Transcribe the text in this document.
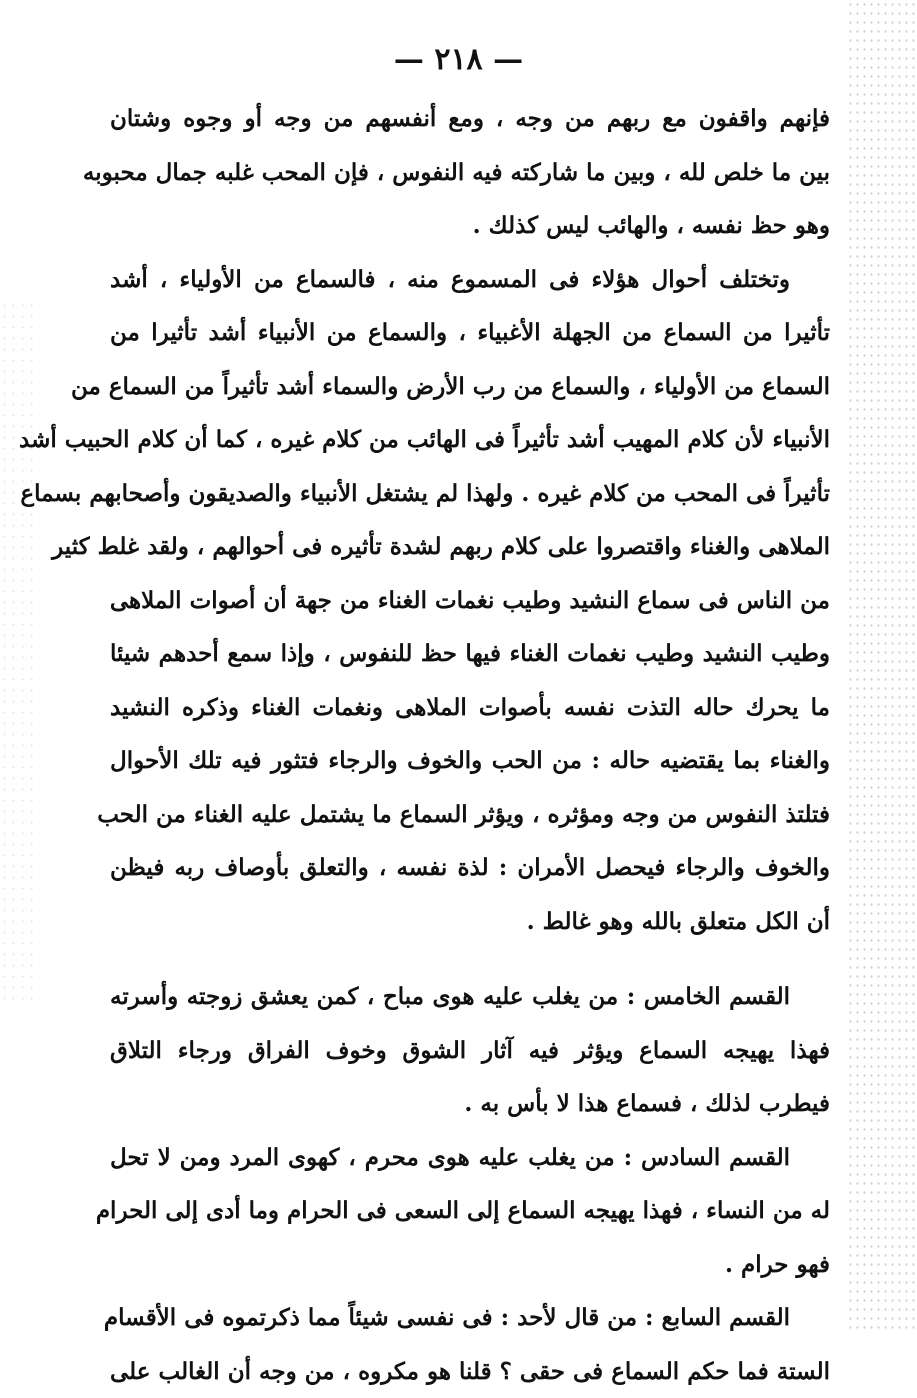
— ٢١٨ —
فإنهم واقفون مع ربهم من وجه ، ومع أنفسهم من وجه أو وجوه وشتان
بين ما خلص لله ، وبين ما شاركته فيه النفوس ، فإن المحب غلبه جمال محبوبه
وهو حظ نفسه ، والهائب ليس كذلك .
وتختلف أحوال هؤلاء فى المسموع منه ، فالسماع من الأولياء ، أشد
تأثيرا من السماع من الجهلة الأغبياء ، والسماع من الأنبياء أشد تأثيرا من
السماع من الأولياء ، والسماع من رب الأرض والسماء أشد تأثيراً من السماع من
الأنبياء لأن كلام المهيب أشد تأثيراً فى الهائب من كلام غيره ، كما أن كلام الحبيب أشد
تأثيراً فى المحب من كلام غيره . ولهذا لم يشتغل الأنبياء والصديقون وأصحابهم بسماع
الملاهى والغناء واقتصروا على كلام ربهم لشدة تأثيره فى أحوالهم ، ولقد غلط كثير
من الناس فى سماع النشيد وطيب نغمات الغناء من جهة أن أصوات الملاهى
وطيب النشيد وطيب نغمات الغناء فيها حظ للنفوس ، وإذا سمع أحدهم شيئا
ما يحرك حاله التذت نفسه بأصوات الملاهى ونغمات الغناء وذكره النشيد
والغناء بما يقتضيه حاله : من الحب والخوف والرجاء فتثور فيه تلك الأحوال
فتلتذ النفوس من وجه ومؤثره ، ويؤثر السماع ما يشتمل عليه الغناء من الحب
والخوف والرجاء فيحصل الأمران : لذة نفسه ، والتعلق بأوصاف ربه فيظن
أن الكل متعلق بالله وهو غالط .
القسم الخامس : من يغلب عليه هوى مباح ، كمن يعشق زوجته وأسرته
فهذا يهيجه السماع ويؤثر فيه آثار الشوق وخوف الفراق ورجاء التلاق
فيطرب لذلك ، فسماع هذا لا بأس به .
القسم السادس : من يغلب عليه هوى محرم ، كهوى المرد ومن لا تحل
له من النساء ، فهذا يهيجه السماع إلى السعى فى الحرام وما أدى إلى الحرام
فهو حرام .
القسم السابع : من قال لأحد : فى نفسى شيئاً مما ذكرتموه فى الأقسام
الستة فما حكم السماع فى حقى ؟ قلنا هو مكروه ، من وجه أن الغالب على
